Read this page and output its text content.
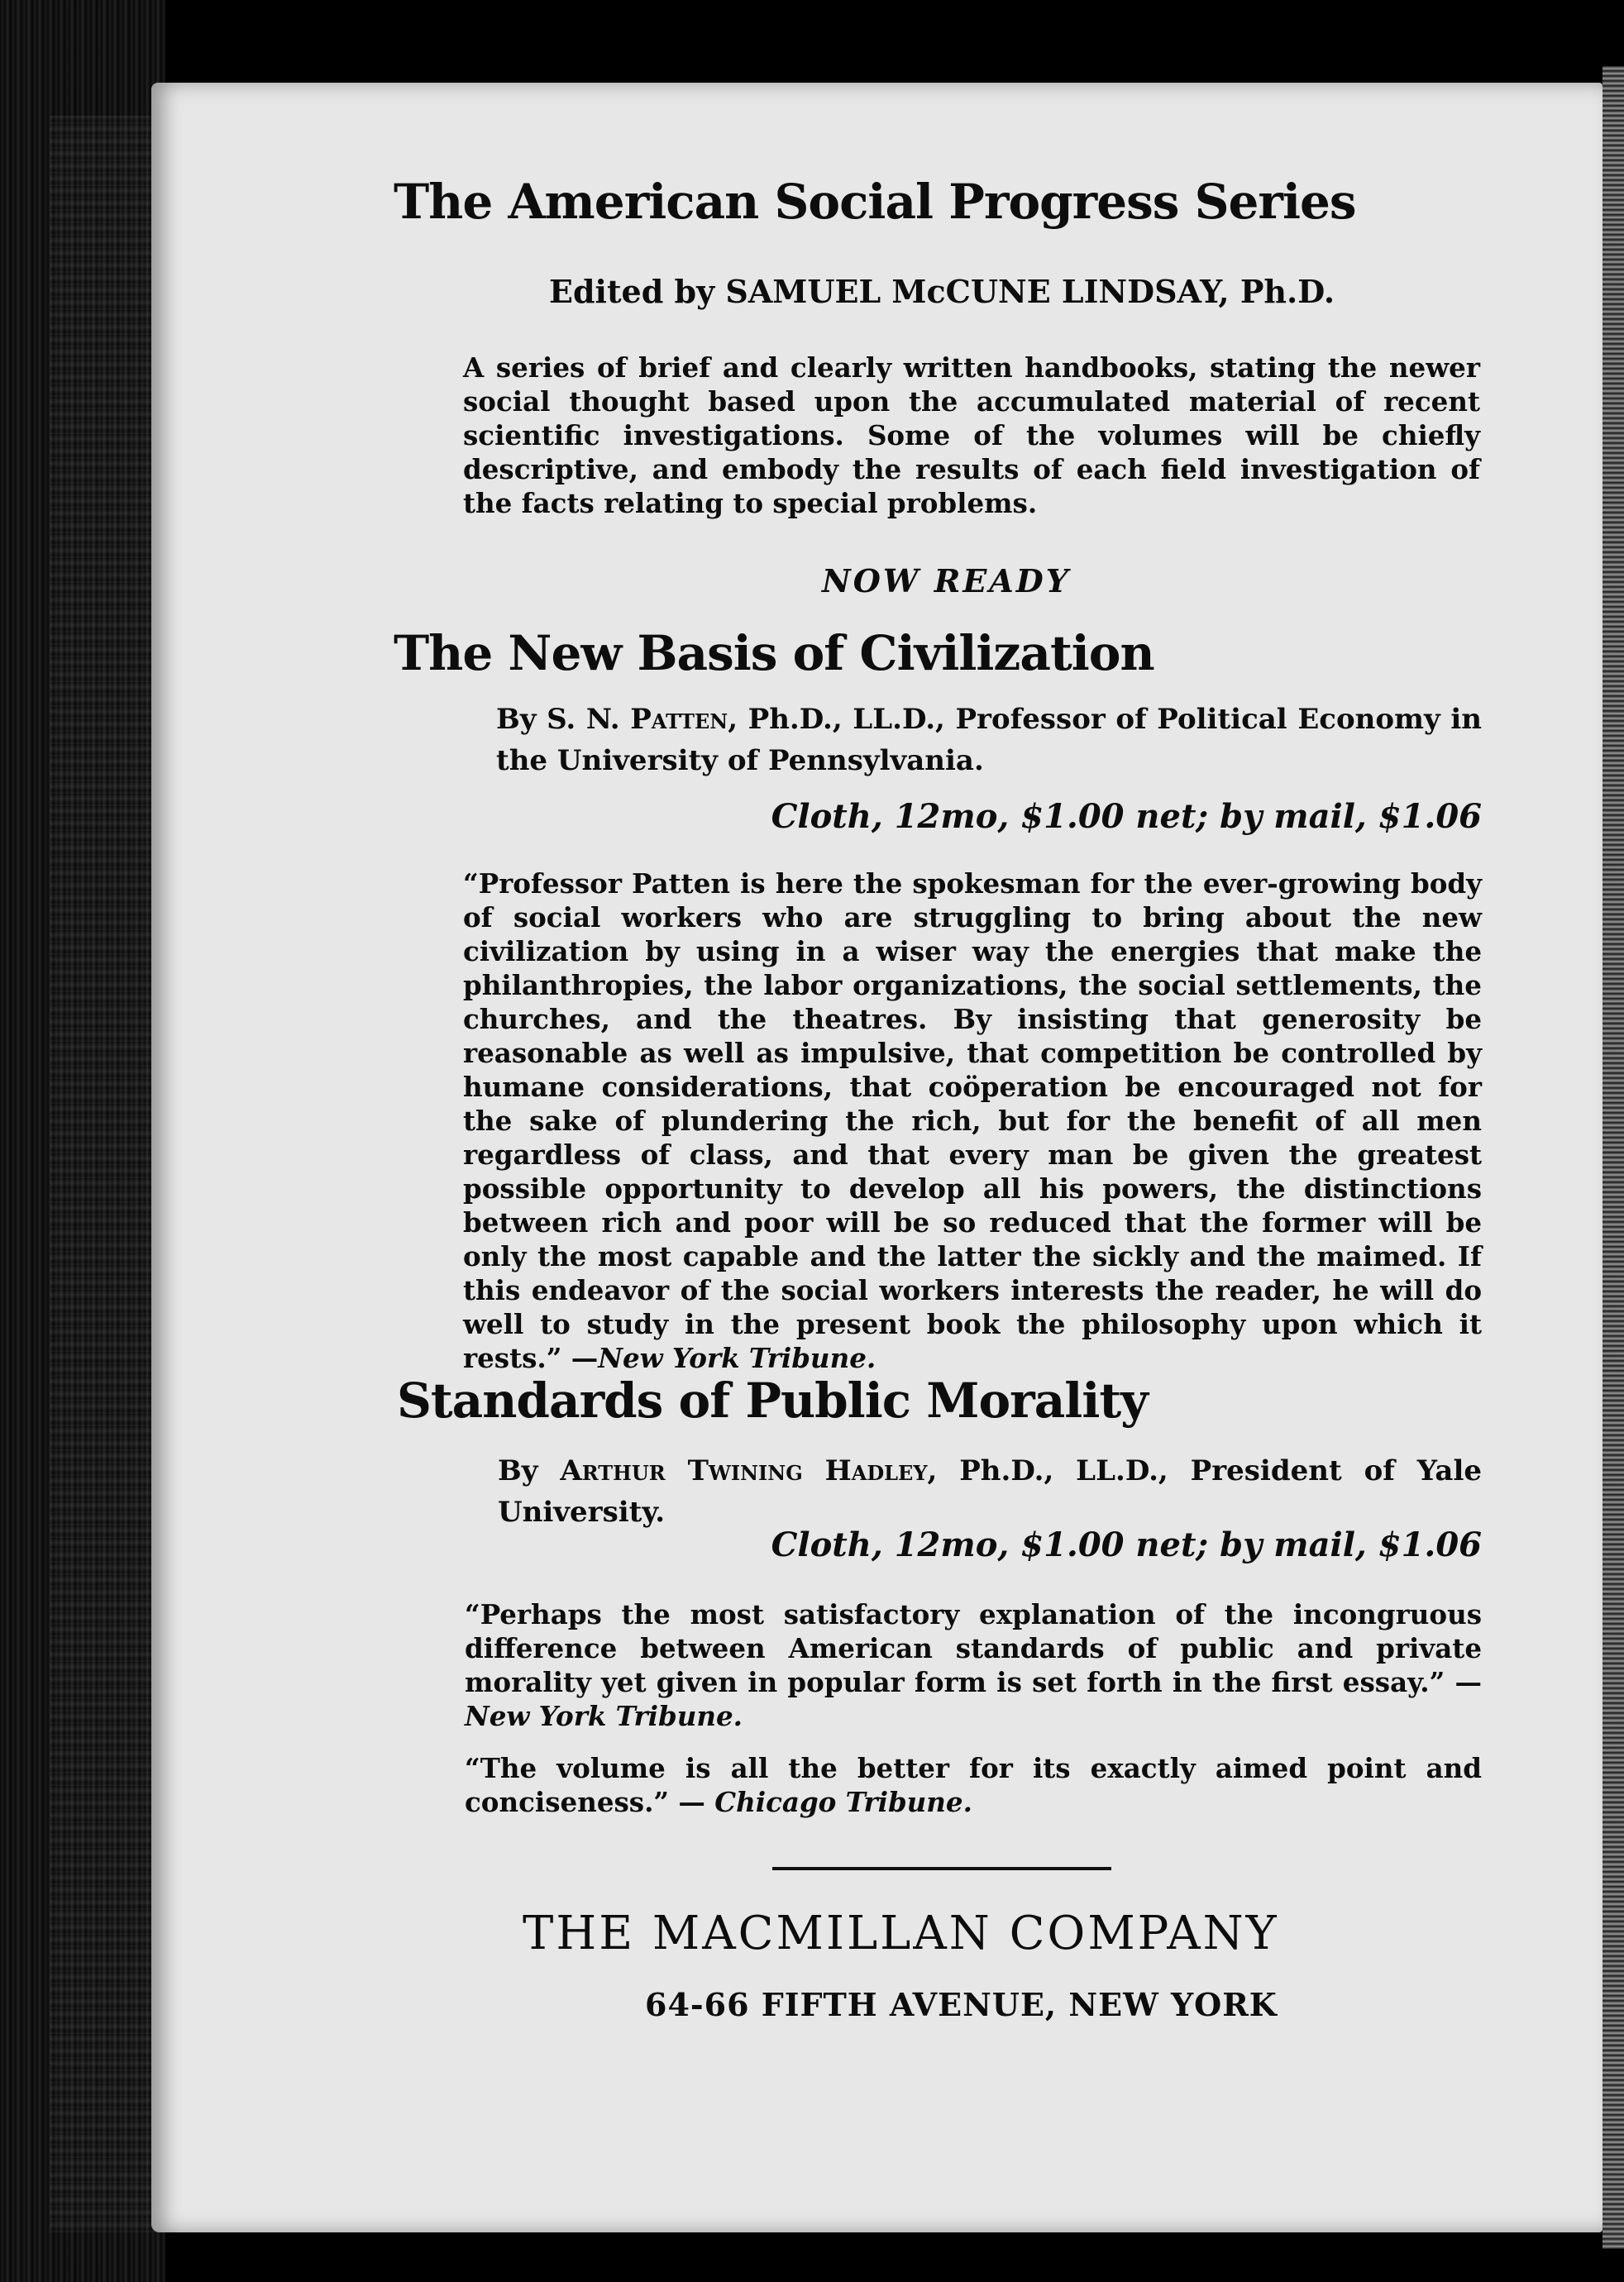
The American Social Progress Series

Edited by SAMUEL McCUNE LINDSAY, Ph.D.

A series of brief and clearly written handbooks, stating the newer social thought based upon the accumulated material of recent scientific investigations. Some of the volumes will be chiefly descriptive, and embody the results of each field investigation of the facts relating to special problems.

NOW READY

The New Basis of Civilization

By S. N. Patten, Ph.D., LL.D., Professor of Political Economy in the University of Pennsylvania.

Cloth, 12mo, $1.00 net; by mail, $1.06

“Professor Patten is here the spokesman for the ever-growing body of social workers who are struggling to bring about the new civilization by using in a wiser way the energies that make the philanthropies, the labor organizations, the social settlements, the churches, and the theatres. By insisting that generosity be reasonable as well as impulsive, that competition be controlled by humane considerations, that coöperation be encouraged not for the sake of plundering the rich, but for the benefit of all men regardless of class, and that every man be given the greatest possible opportunity to develop all his powers, the distinctions between rich and poor will be so reduced that the former will be only the most capable and the latter the sickly and the maimed. If this endeavor of the social workers interests the reader, he will do well to study in the present book the philosophy upon which it rests.” —New York Tribune.

Standards of Public Morality

By Arthur Twining Hadley, Ph.D., LL.D., President of Yale University.

Cloth, 12mo, $1.00 net; by mail, $1.06

“Perhaps the most satisfactory explanation of the incongruous difference between American standards of public and private morality yet given in popular form is set forth in the first essay.” —New York Tribune.

“The volume is all the better for its exactly aimed point and conciseness.” — Chicago Tribune.

THE MACMILLAN COMPANY

64-66 FIFTH AVENUE, NEW YORK
